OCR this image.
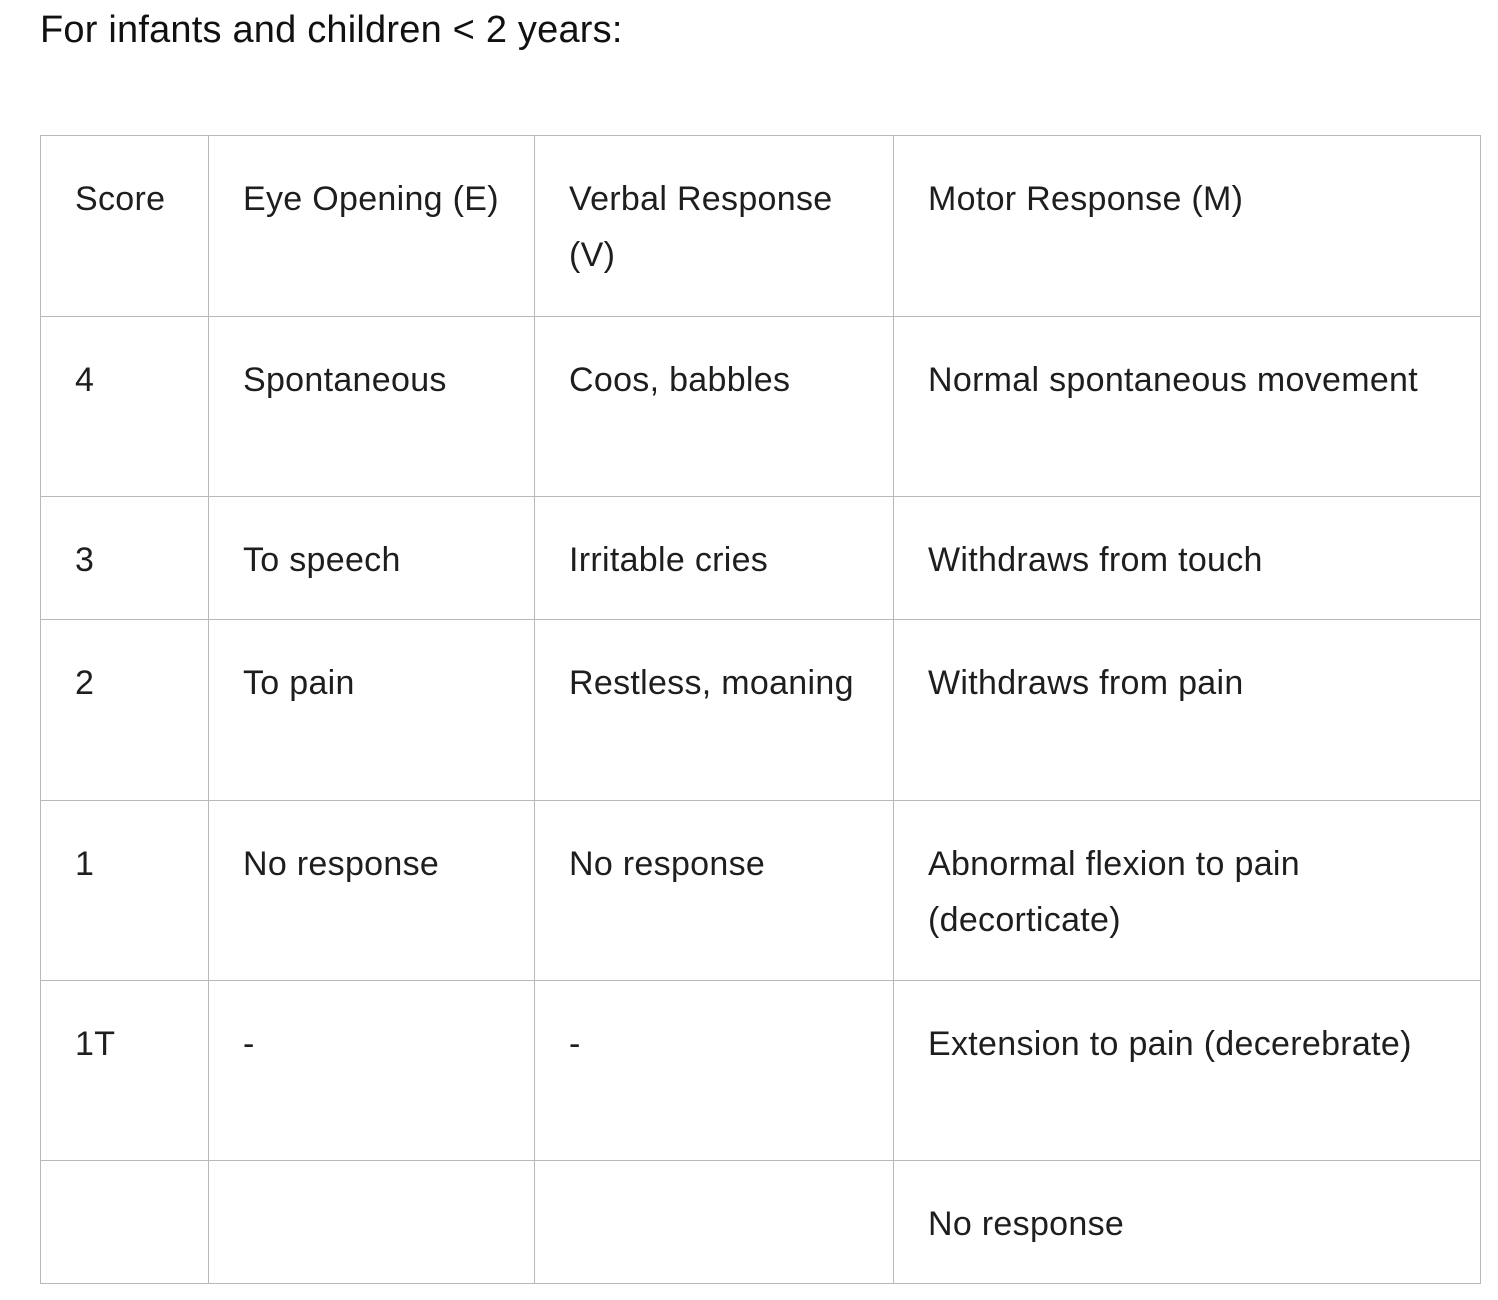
For infants and children < 2 years:
Score	Eye Opening (E)	Verbal Response (V)	Motor Response (M)
4	Spontaneous	Coos, babbles	Normal spontaneous movement
3	To speech	Irritable cries	Withdraws from touch
2	To pain	Restless, moaning	Withdraws from pain
1	No response	No response	Abnormal flexion to pain (decorticate)
1T	-	-	Extension to pain (decerebrate)
			No response
